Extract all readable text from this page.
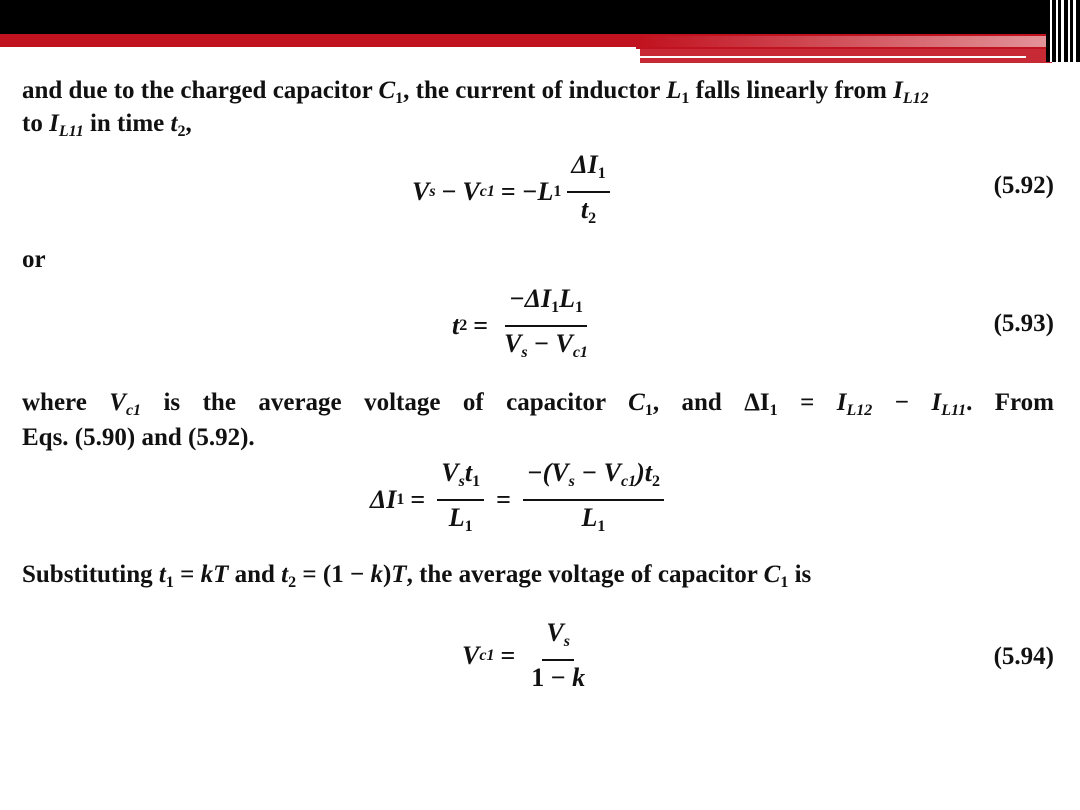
and due to the charged capacitor $C_1$, the current of inductor $L_1$ falls linearly from $I_{L12}$
to $I_{L11}$ in time $t_2$,
V s − V c1 = −L $1 \frac{\Delta I_1}{t_2}$	(5.92)
or
t $2 = \frac{-\Delta I_1L_1}{Vs - Vc1}$	(5.93)
where $V_{c1}$ is the average voltage of capacitor $C_1$, and $\Delta I_1 = I_{L12} - I_{L11}$. From
Eqs. (5.90) and (5.92).
ΔI $1 = \frac{Vst_1}{L_1} = \frac{-(Vs - Vc1)t_2}{L_1}$
Substituting $t_1$ = kT and $t_2 = (1 - k)T$, the average voltage of capacitor $C_1$ is
V $c1 = \frac{Vs}{1 - k}$	(5.94)
